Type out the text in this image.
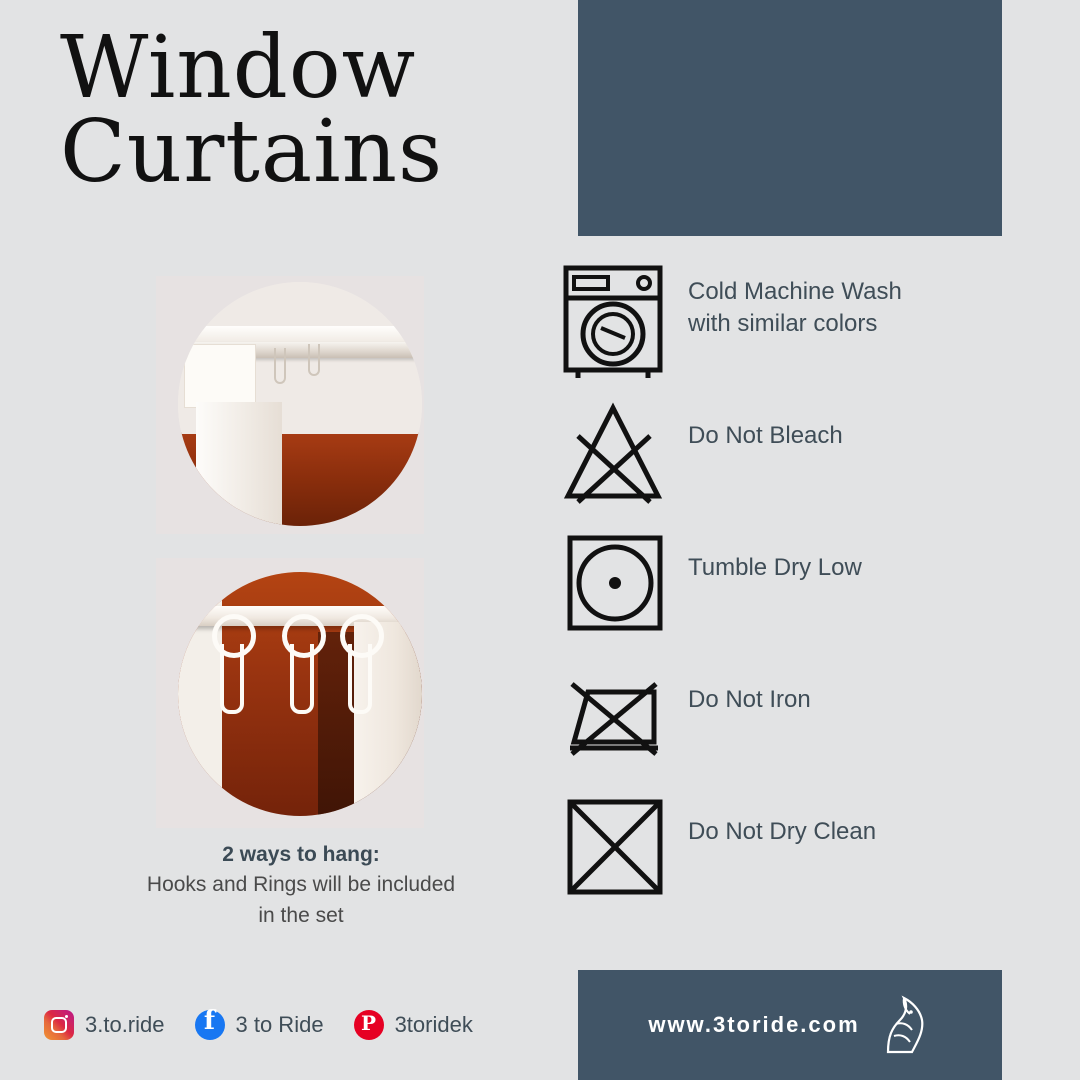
Window
Curtains
2 ways to hang:
Hooks and Rings will be included
in the set
Cold Machine Wash
with similar colors
Do Not Bleach
Tumble Dry Low
Do Not Iron
Do Not Dry Clean
3.to.ride f	3 to Ride P	3toridek	www.3toride.com
